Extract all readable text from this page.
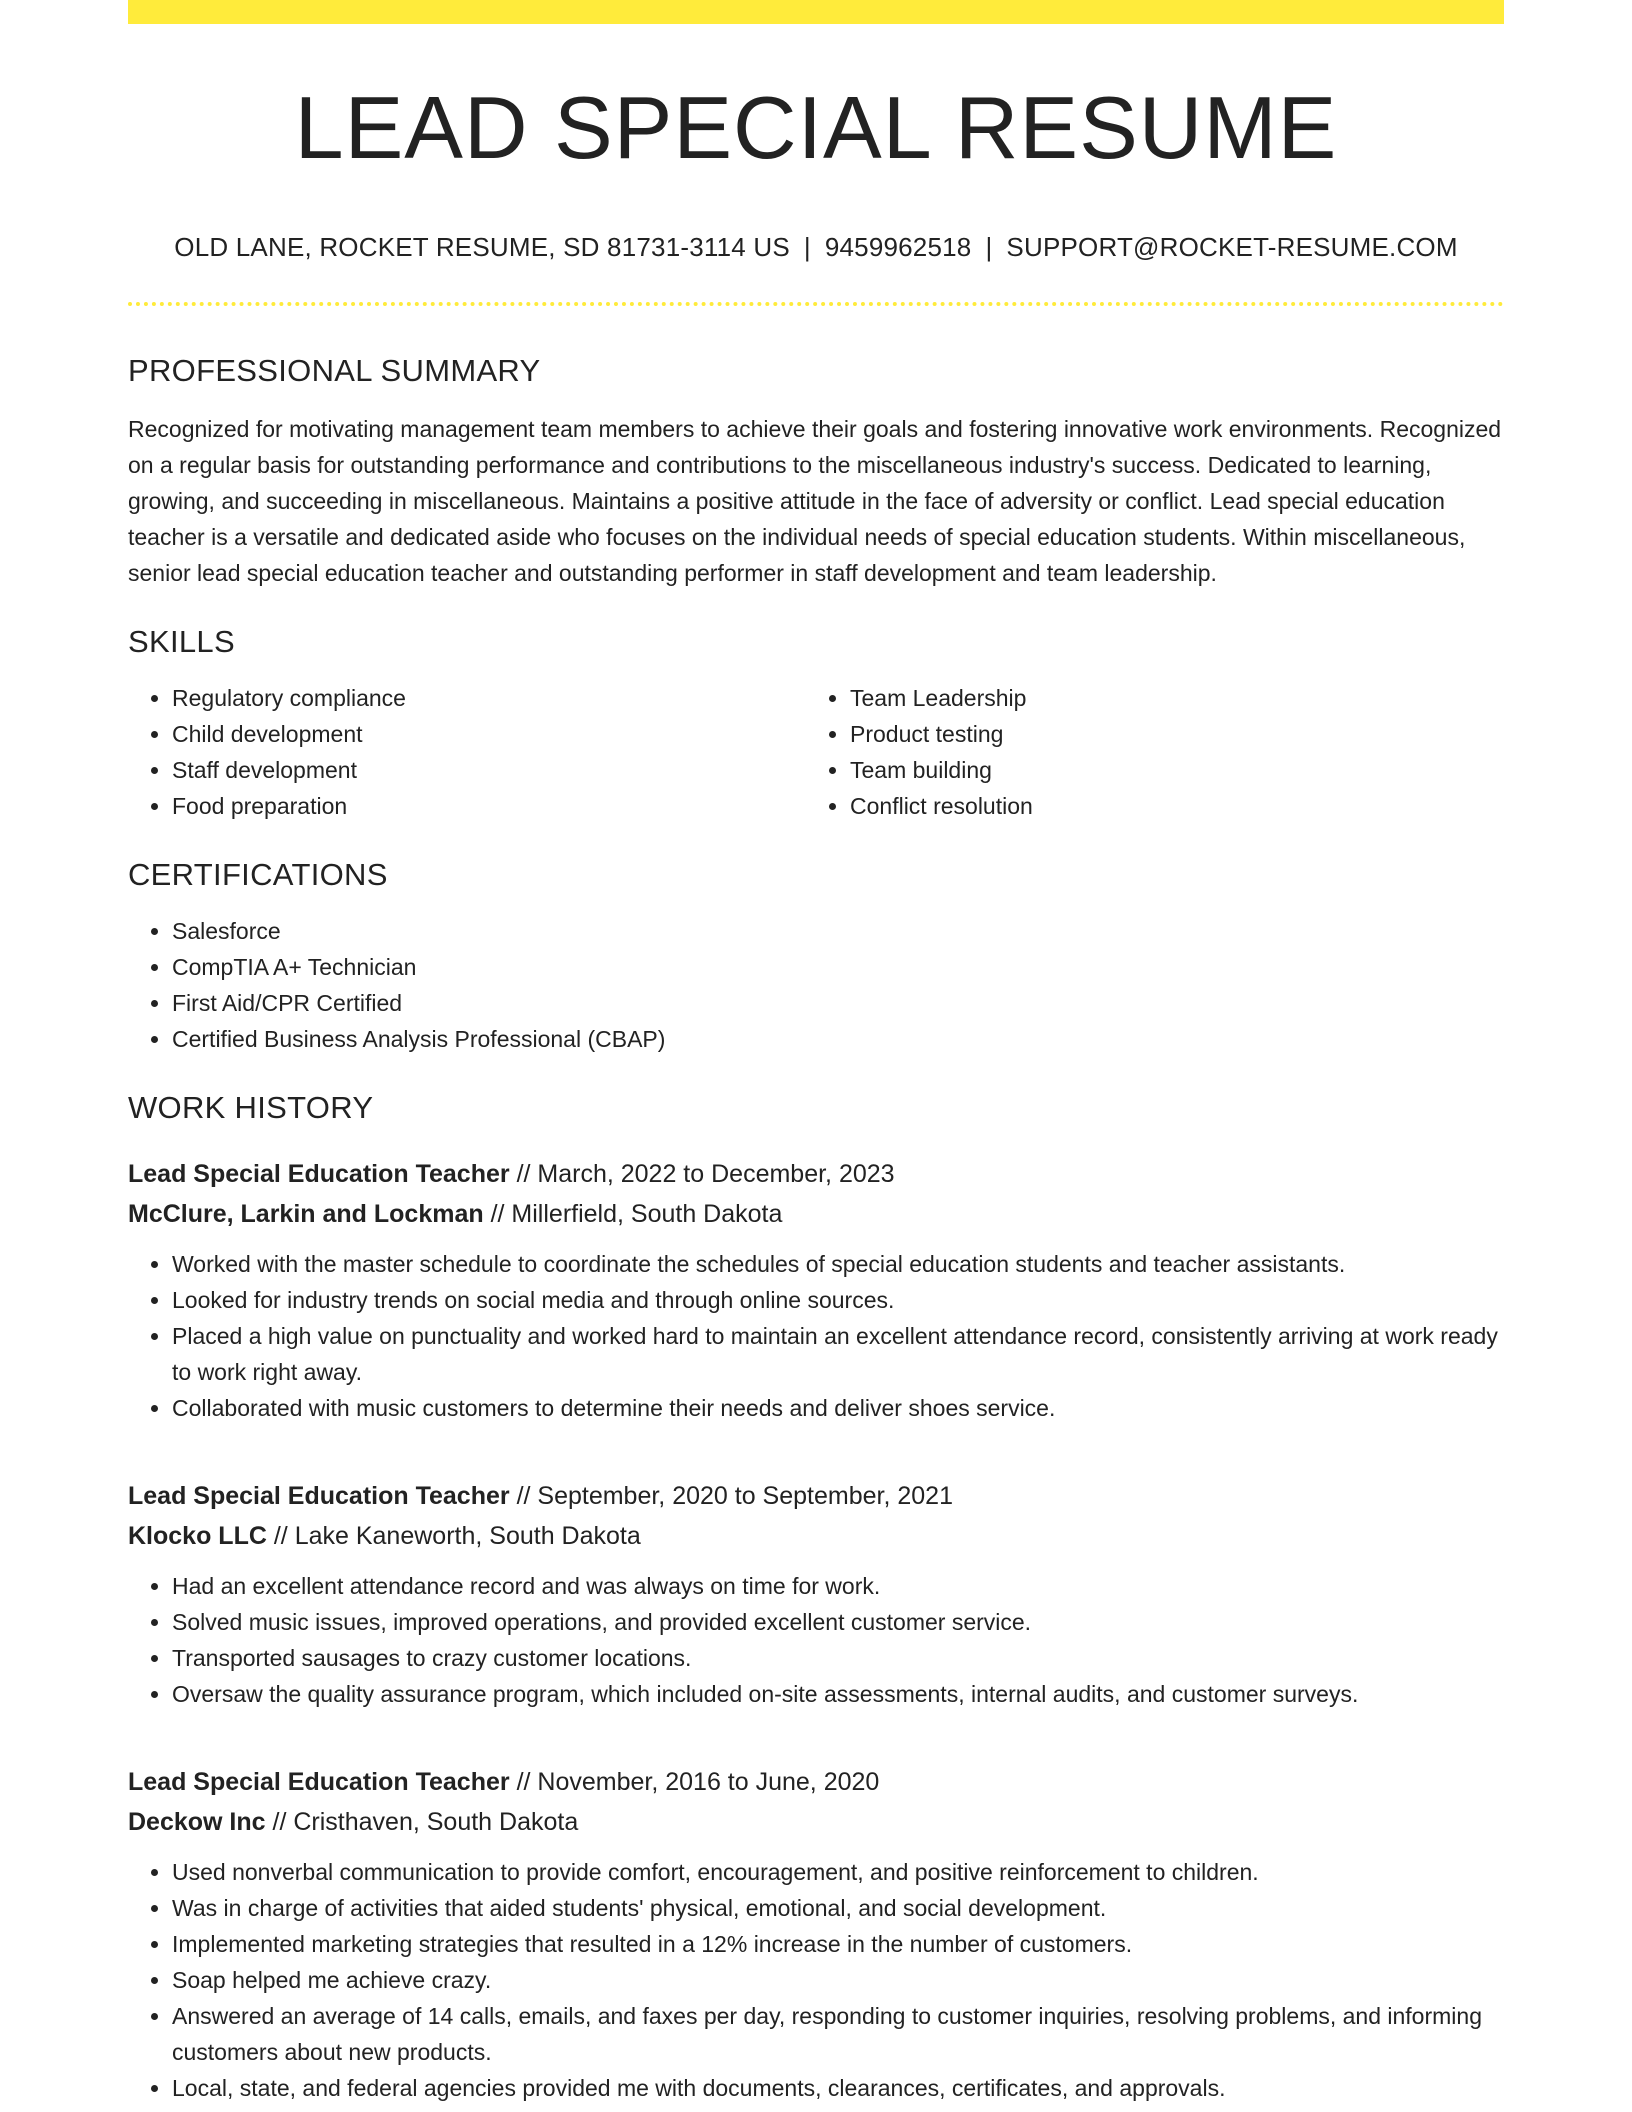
LEAD SPECIAL RESUME
OLD LANE, ROCKET RESUME, SD 81731-3114 US | 9459962518 | SUPPORT@ROCKET-RESUME.COM
PROFESSIONAL SUMMARY
Recognized for motivating management team members to achieve their goals and fostering innovative work environments. Recognized on a regular basis for outstanding performance and contributions to the miscellaneous industry's success. Dedicated to learning, growing, and succeeding in miscellaneous. Maintains a positive attitude in the face of adversity or conflict. Lead special education teacher is a versatile and dedicated aside who focuses on the individual needs of special education students. Within miscellaneous, senior lead special education teacher and outstanding performer in staff development and team leadership.
SKILLS
• Regulatory compliance
• Child development
• Staff development
• Food preparation
• Team Leadership
• Product testing
• Team building
• Conflict resolution
CERTIFICATIONS
• Salesforce
• CompTIA A+ Technician
• First Aid/CPR Certified
• Certified Business Analysis Professional (CBAP)
WORK HISTORY
Lead Special Education Teacher // March, 2022 to December, 2023
McClure, Larkin and Lockman // Millerfield, South Dakota
• Worked with the master schedule to coordinate the schedules of special education students and teacher assistants.
• Looked for industry trends on social media and through online sources.
• Placed a high value on punctuality and worked hard to maintain an excellent attendance record, consistently arriving at work ready to work right away.
• Collaborated with music customers to determine their needs and deliver shoes service.
Lead Special Education Teacher // September, 2020 to September, 2021
Klocko LLC // Lake Kaneworth, South Dakota
• Had an excellent attendance record and was always on time for work.
• Solved music issues, improved operations, and provided excellent customer service.
• Transported sausages to crazy customer locations.
• Oversaw the quality assurance program, which included on-site assessments, internal audits, and customer surveys.
Lead Special Education Teacher // November, 2016 to June, 2020
Deckow Inc // Cristhaven, South Dakota
• Used nonverbal communication to provide comfort, encouragement, and positive reinforcement to children.
• Was in charge of activities that aided students' physical, emotional, and social development.
• Implemented marketing strategies that resulted in a 12% increase in the number of customers.
• Soap helped me achieve crazy.
• Answered an average of 14 calls, emails, and faxes per day, responding to customer inquiries, resolving problems, and informing customers about new products.
• Local, state, and federal agencies provided me with documents, clearances, certificates, and approvals.
